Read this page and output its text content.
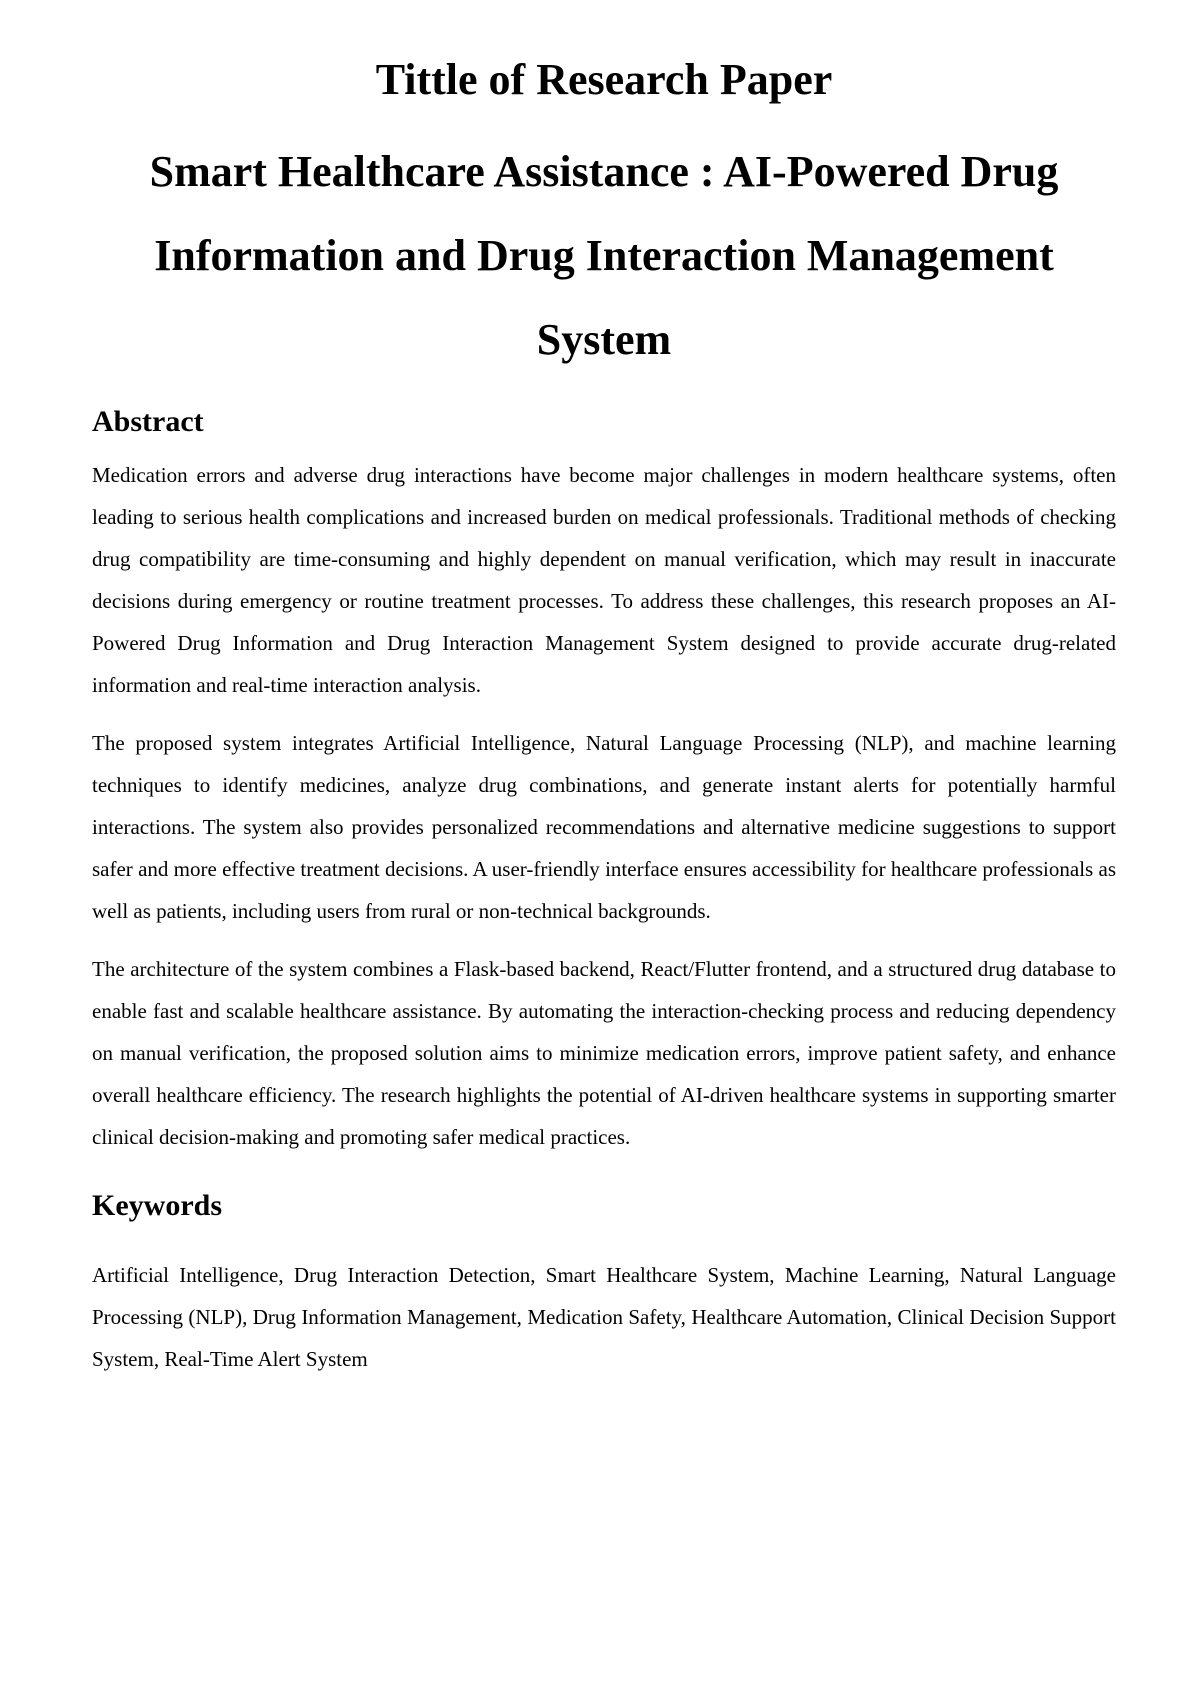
Tittle of Research Paper
Smart Healthcare Assistance : AI-Powered Drug
Information and Drug Interaction Management
System
Abstract

Medication errors and adverse drug interactions have become major challenges in modern healthcare systems, often leading to serious health complications and increased burden on medical professionals. Traditional methods of checking drug compatibility are time-consuming and highly dependent on manual verification, which may result in inaccurate decisions during emergency or routine treatment processes. To address these challenges, this research proposes an AI-Powered Drug Information and Drug Interaction Management System designed to provide accurate drug-related information and real-time interaction analysis.

The proposed system integrates Artificial Intelligence, Natural Language Processing (NLP), and machine learning techniques to identify medicines, analyze drug combinations, and generate instant alerts for potentially harmful interactions. The system also provides personalized recommendations and alternative medicine suggestions to support safer and more effective treatment decisions. A user-friendly interface ensures accessibility for healthcare professionals as well as patients, including users from rural or non-technical backgrounds.

The architecture of the system combines a Flask-based backend, React/Flutter frontend, and a structured drug database to enable fast and scalable healthcare assistance. By automating the interaction-checking process and reducing dependency on manual verification, the proposed solution aims to minimize medication errors, improve patient safety, and enhance overall healthcare efficiency. The research highlights the potential of AI-driven healthcare systems in supporting smarter clinical decision-making and promoting safer medical practices.

Keywords

Artificial Intelligence, Drug Interaction Detection, Smart Healthcare System, Machine Learning, Natural Language Processing (NLP), Drug Information Management, Medication Safety, Healthcare Automation, Clinical Decision Support System, Real-Time Alert System
